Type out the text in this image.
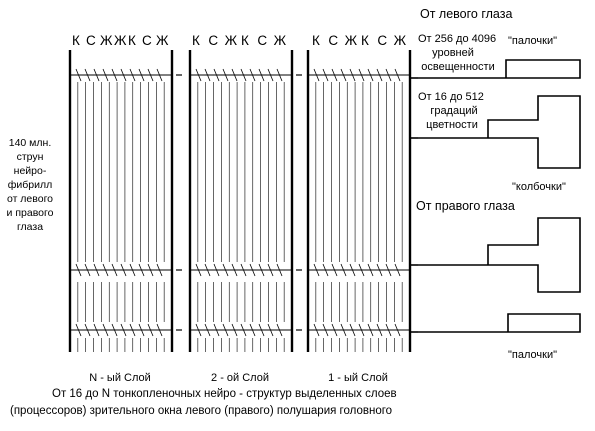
140 млн.
струн
нейро-
фибрилл
от левого
и правого
глаза
К С Ж Ж К С Ж К С Ж К С Ж К С Ж К С Ж
N - ый Слой	2 - ой Слой	1 - ый Слой
От левого глаза
От 256 до 4096
уровней
освещенности
"палочки"
От 16 до 512
градаций
цветности
"колбочки"
От правого глаза
"палочки"
От 16 до N тонкопленочных нейро - структур выделенных слоев
(процессоров) зрительного окна левого (правого) полушария головного
